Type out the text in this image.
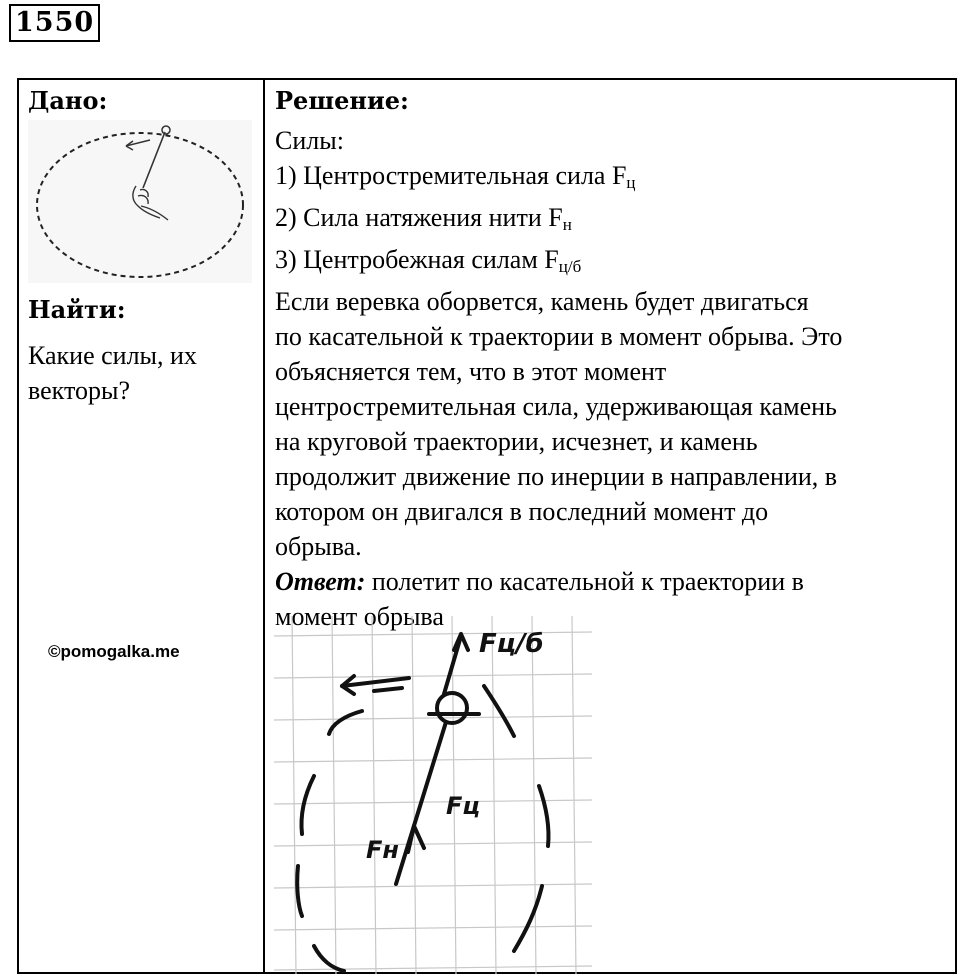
1550
Дано:
Найти:
Какие силы, их
векторы?
©pomogalka.me
Решение:
Силы:
1) Центростремительная сила $F_ц$
2) Сила натяжения нити $F_н$
3) Центробежная силам $F_{ц/б}$
Если веревка оборвется, камень будет двигаться
по касательной к траектории в момент обрыва. Это
объясняется тем, что в этот момент
центростремительная сила, удерживающая камень
на круговой траектории, исчезнет, и камень
продолжит движение по инерции в направлении, в
котором он двигался в последний момент до
обрыва.
Ответ: полетит по касательной к траектории в
момент обрыва
Fц/б
Fц
Fн
